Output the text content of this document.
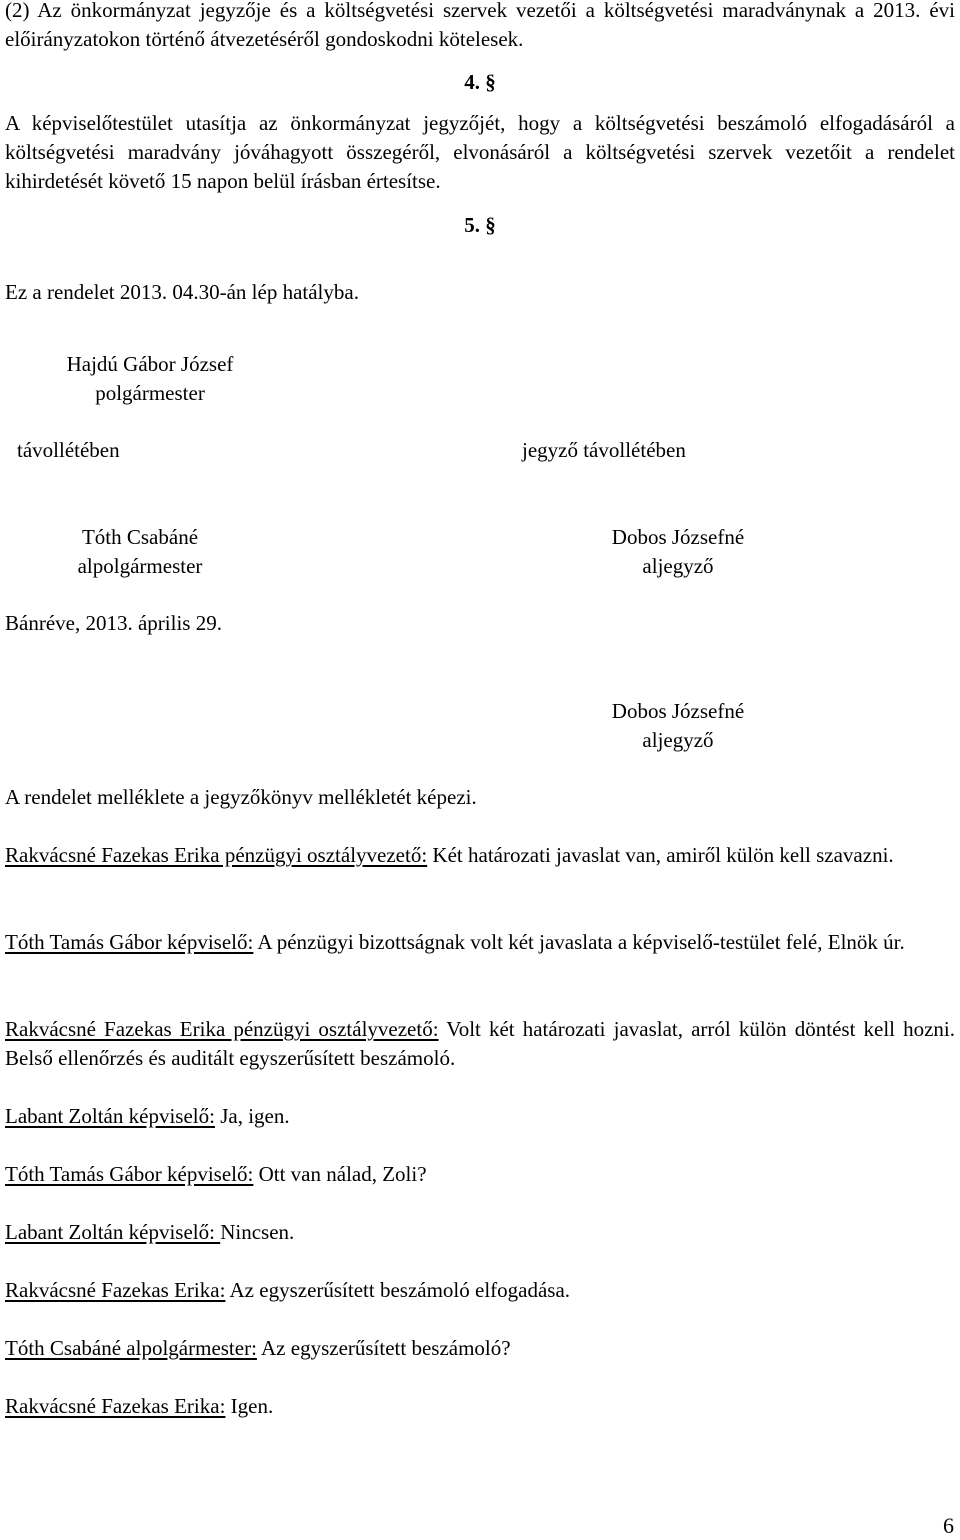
(2) Az önkormányzat jegyzője és a költségvetési szervek vezetői a költségvetési maradványnak a 2013. évi előirányzatokon történő átvezetéséről gondoskodni kötelesek.
4. §
A képviselőtestület utasítja az önkormányzat jegyzőjét, hogy a költségvetési beszámoló elfogadásáról a költségvetési maradvány jóváhagyott összegéről, elvonásáról a költségvetési szervek vezetőit a rendelet kihirdetését követő 15 napon belül írásban értesítse.
5. §
Ez a rendelet 2013. 04.30-án lép hatályba.
Hajdú Gábor József
polgármester
távollétében	jegyző távollétében
Tóth Csabáné
alpolgármester
Dobos Józsefné
aljegyző
Bánréve, 2013. április 29.
Dobos Józsefné
aljegyző
A rendelet melléklete a jegyzőkönyv mellékletét képezi.
Rakvácsné Fazekas Erika pénzügyi osztályvezető: Két határozati javaslat van, amiről külön kell szavazni.
Tóth Tamás Gábor képviselő: A pénzügyi bizottságnak volt két javaslata a képviselő-testület felé, Elnök úr.
Rakvácsné Fazekas Erika pénzügyi osztályvezető: Volt két határozati javaslat, arról külön döntést kell hozni. Belső ellenőrzés és auditált egyszerűsített beszámoló.
Labant Zoltán képviselő: Ja, igen.
Tóth Tamás Gábor képviselő: Ott van nálad, Zoli?
Labant Zoltán képviselő: Nincsen.
Rakvácsné Fazekas Erika: Az egyszerűsített beszámoló elfogadása.
Tóth Csabáné alpolgármester: Az egyszerűsített beszámoló?
Rakvácsné Fazekas Erika: Igen.
6
